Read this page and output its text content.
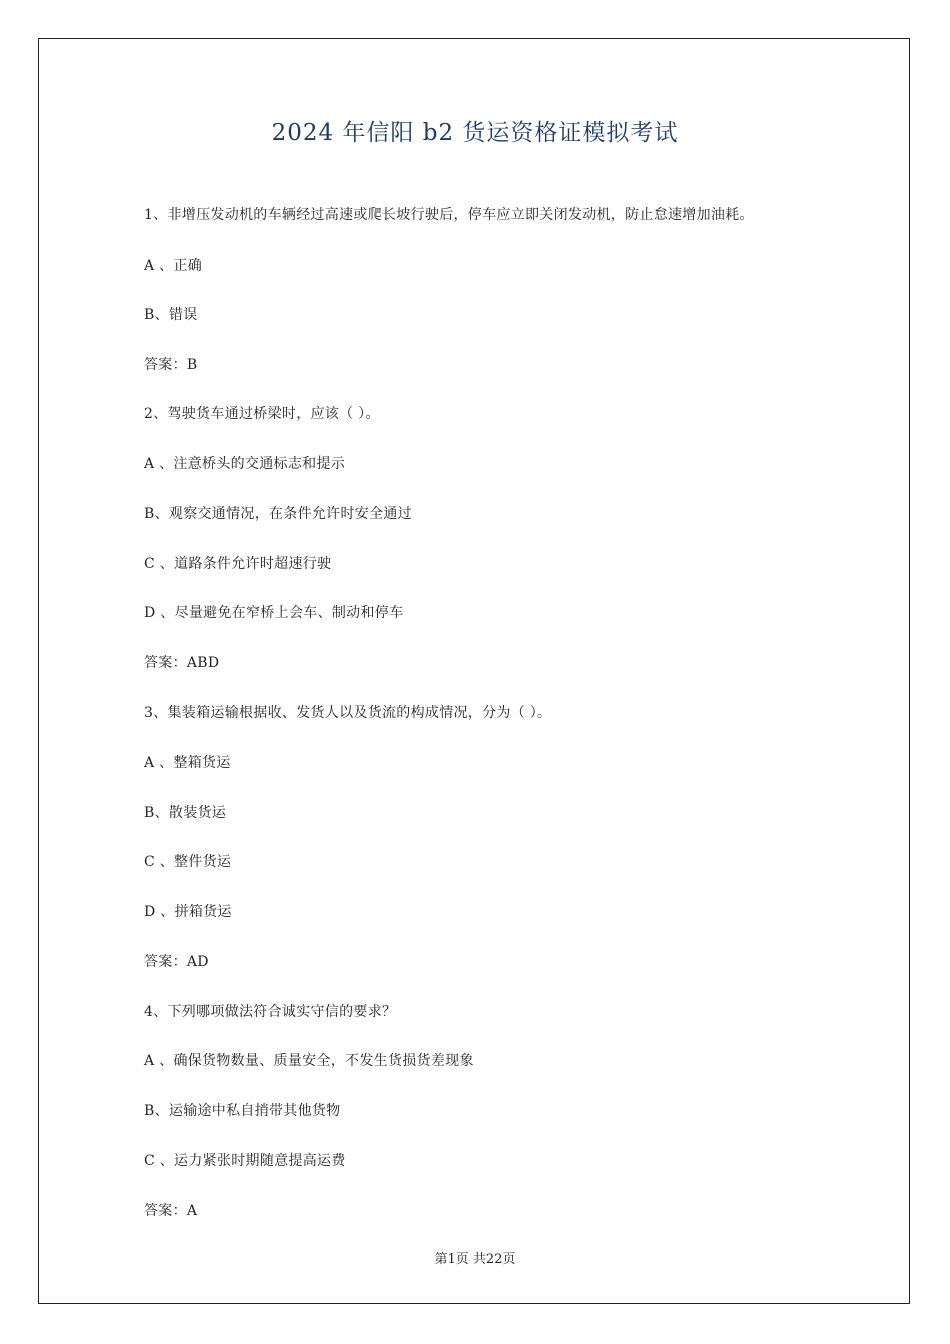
2024 年信阳 b2 货运资格证模拟考试
1、非增压发动机的车辆经过高速或爬长坡行驶后，停车应立即关闭发动机，防止怠速增加油耗。
A 、正确
B、错误
答案：B
2、驾驶货车通过桥梁时，应该（ ）。
A 、注意桥头的交通标志和提示
B、观察交通情况，在条件允许时安全通过
C 、道路条件允许时超速行驶
D 、尽量避免在窄桥上会车、制动和停车
答案：ABD
3、集装箱运输根据收、发货人以及货流的构成情况，分为（ ）。
A 、整箱货运
B、散装货运
C 、整件货运
D 、拼箱货运
答案：AD
4、下列哪项做法符合诚实守信的要求？
A 、确保货物数量、质量安全，不发生货损货差现象
B、运输途中私自捎带其他货物
C 、运力紧张时期随意提高运费
答案：A
第1页 共22页
